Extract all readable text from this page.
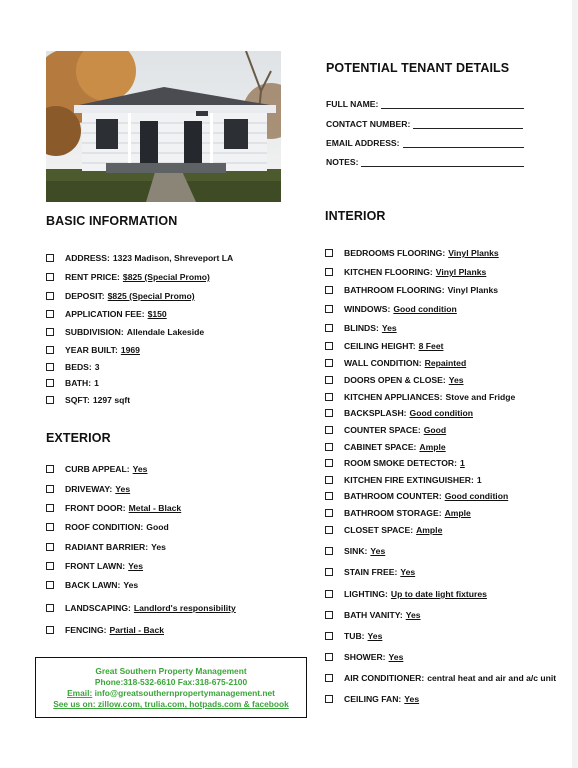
POTENTIAL TENANT DETAILS
FULL NAME:
CONTACT NUMBER:
EMAIL ADDRESS:
NOTES:
BASIC INFORMATION
ADDRESS: 1323 Madison, Shreveport LA
RENT PRICE: $825 (Special Promo)
DEPOSIT: $825 (Special Promo)
APPLICATION FEE: $150
SUBDIVISION: Allendale Lakeside
YEAR BUILT: 1969
BEDS: 3
BATH: 1
SQFT: 1297 sqft
EXTERIOR
CURB APPEAL: Yes
DRIVEWAY: Yes
FRONT DOOR: Metal - Black
ROOF CONDITION: Good
RADIANT BARRIER: Yes
FRONT LAWN: Yes
BACK LAWN: Yes
LANDSCAPING: Landlord's responsibility
FENCING: Partial - Back
INTERIOR
BEDROOMS FLOORING: Vinyl Planks
KITCHEN FLOORING: Vinyl Planks
BATHROOM FLOORING: Vinyl Planks
WINDOWS: Good condition
BLINDS: Yes
CEILING HEIGHT: 8 Feet
WALL CONDITION: Repainted
DOORS OPEN & CLOSE: Yes
KITCHEN APPLIANCES: Stove and Fridge
BACKSPLASH: Good condition
COUNTER SPACE: Good
CABINET SPACE: Ample
ROOM SMOKE DETECTOR: 1
KITCHEN FIRE EXTINGUISHER: 1
BATHROOM COUNTER: Good condition
BATHROOM STORAGE: Ample
CLOSET SPACE: Ample
SINK: Yes
STAIN FREE: Yes
LIGHTING: Up to date light fixtures
BATH VANITY: Yes
TUB: Yes
SHOWER: Yes
AIR CONDITIONER: central heat and air and a/c unit
CEILING FAN: Yes
Great Southern Property Management
Phone:318-532-6610 Fax:318-675-2100
Email: info@greatsouthernpropertymanagement.net
See us on: zillow.com, trulia.com, hotpads.com & facebook
